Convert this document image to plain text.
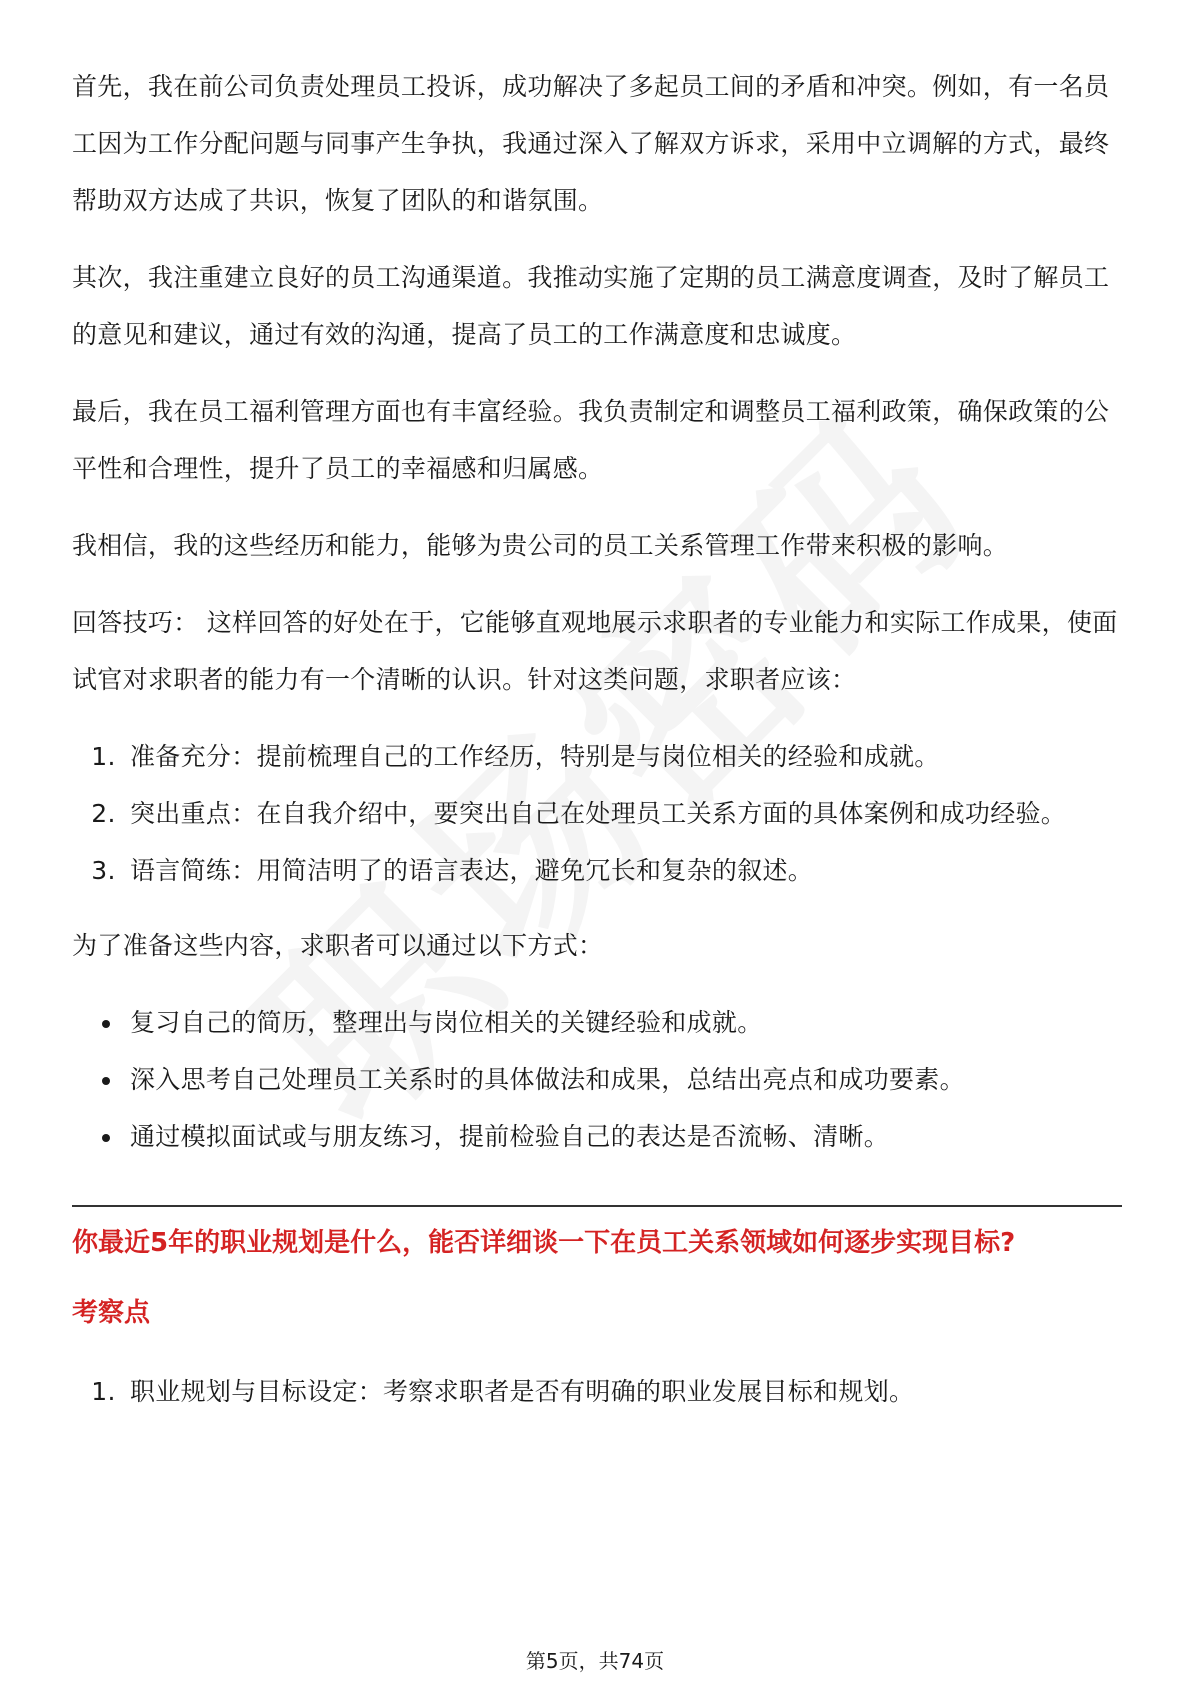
首先，我在前公司负责处理员工投诉，成功解决了多起员工间的矛盾和冲突。例如，有一名员工因为工作分配问题与同事产生争执，我通过深入了解双方诉求，采用中立调解的方式，最终帮助双方达成了共识，恢复了团队的和谐氛围。

其次，我注重建立良好的员工沟通渠道。我推动实施了定期的员工满意度调查，及时了解员工的意见和建议，通过有效的沟通，提高了员工的工作满意度和忠诚度。

最后，我在员工福利管理方面也有丰富经验。我负责制定和调整员工福利政策，确保政策的公平性和合理性，提升了员工的幸福感和归属感。

我相信，我的这些经历和能力，能够为贵公司的员工关系管理工作带来积极的影响。

回答技巧： 这样回答的好处在于，它能够直观地展示求职者的专业能力和实际工作成果，使面试官对求职者的能力有一个清晰的认识。针对这类问题，求职者应该：

1. 准备充分：提前梳理自己的工作经历，特别是与岗位相关的经验和成就。
2. 突出重点：在自我介绍中，要突出自己在处理员工关系方面的具体案例和成功经验。
3. 语言简练：用简洁明了的语言表达，避免冗长和复杂的叙述。

为了准备这些内容，求职者可以通过以下方式：

• 复习自己的简历，整理出与岗位相关的关键经验和成就。
• 深入思考自己处理员工关系时的具体做法和成果，总结出亮点和成功要素。
• 通过模拟面试或与朋友练习，提前检验自己的表达是否流畅、清晰。
你最近5年的职业规划是什么，能否详细谈一下在员工关系领域如何逐步实现目标?
考察点
1. 职业规划与目标设定：考察求职者是否有明确的职业发展目标和规划。
第5页，共74页
